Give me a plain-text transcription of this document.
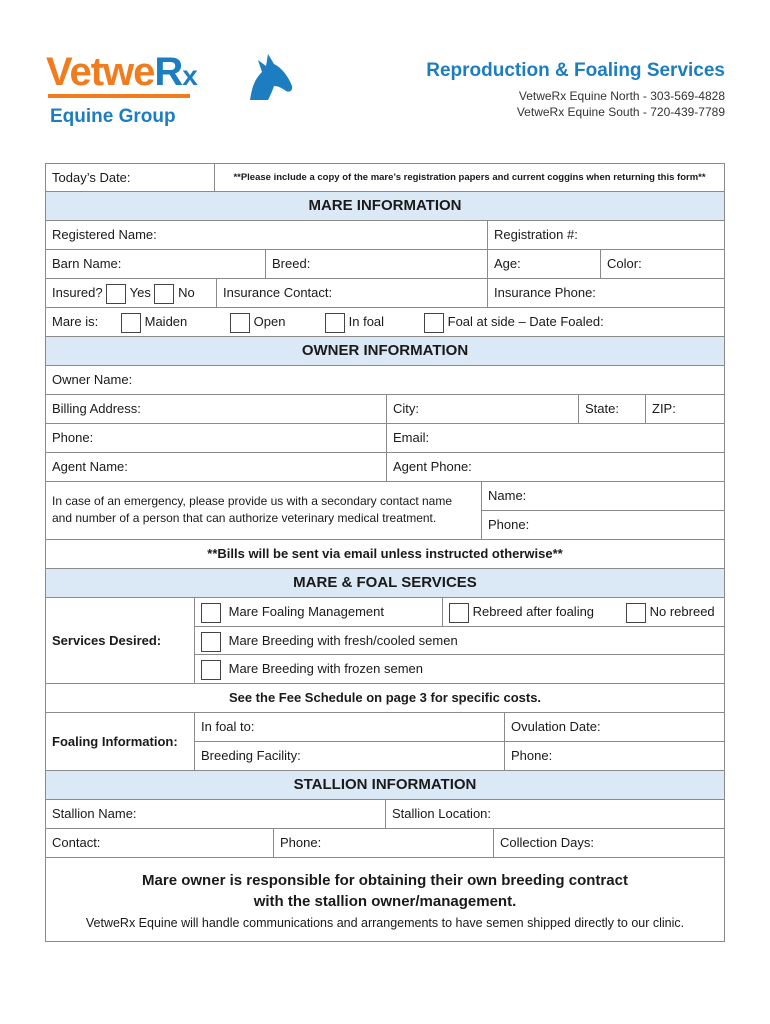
VetweRx
Equine Group
Reproduction & Foaling Services
VetweRx Equine North - 303-569-4828
VetweRx Equine South - 720-439-7789
Today’s Date:	**Please include a copy of the mare’s registration papers and current coggins when returning this form**
MARE INFORMATION
Registered Name:	Registration #:
Barn Name:	Breed:	Age:	Color:
Insured? Yes No	Insurance Contact:	Insurance Phone:
Mare is:	Maiden	Open	In foal	Foal at side – Date Foaled:
OWNER INFORMATION
Owner Name:
Billing Address:	City:	State:	ZIP:
Phone:	Email:
Agent Name:	Agent Phone:
In case of an emergency, please provide us with a secondary contact name
and number of a person that can authorize veterinary medical treatment.
Name:
Phone:
**Bills will be sent via email unless instructed otherwise**
MARE & FOAL SERVICES
Services Desired:
Mare Foaling Management	Rebreed after foaling	No rebreed
Mare Breeding with fresh/cooled semen
Mare Breeding with frozen semen
See the Fee Schedule on page 3 for specific costs.
Foaling Information:
In foal to:	Ovulation Date:
Breeding Facility:	Phone:
STALLION INFORMATION
Stallion Name:	Stallion Location:
Contact:	Phone:	Collection Days:
Mare owner is responsible for obtaining their own breeding contract
with the stallion owner/management.
VetweRx Equine will handle communications and arrangements to have semen shipped directly to our clinic.
